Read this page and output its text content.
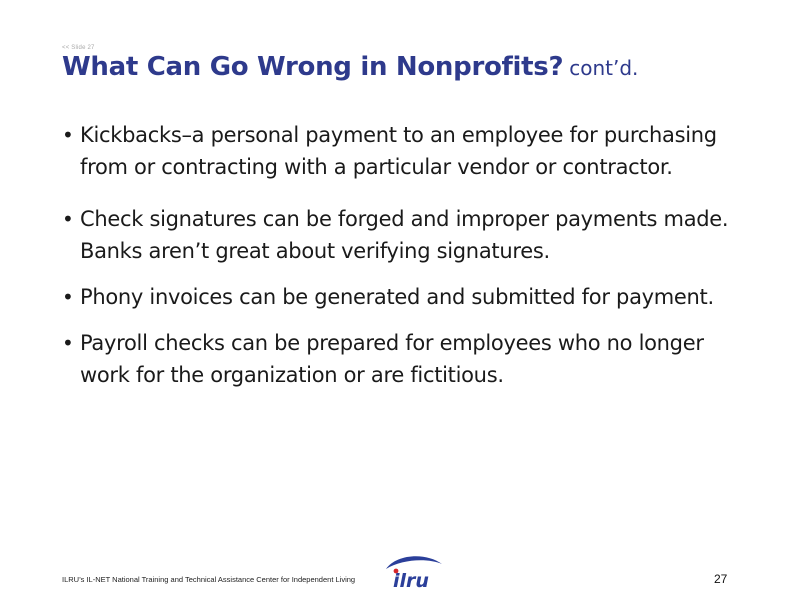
<< Slide 27
What Can Go Wrong in Nonprofits? cont’d.
• Kickbacks–a personal payment to an employee for purchasing from or contracting with a particular vendor or contractor.
• Check signatures can be forged and improper payments made. Banks aren’t great about verifying signatures.
• Phony invoices can be generated and submitted for payment.
• Payroll checks can be prepared for employees who no longer work for the organization or are fictitious.
ILRU’s IL-NET National Training and Technical Assistance Center for Independent Living	ilru	27
